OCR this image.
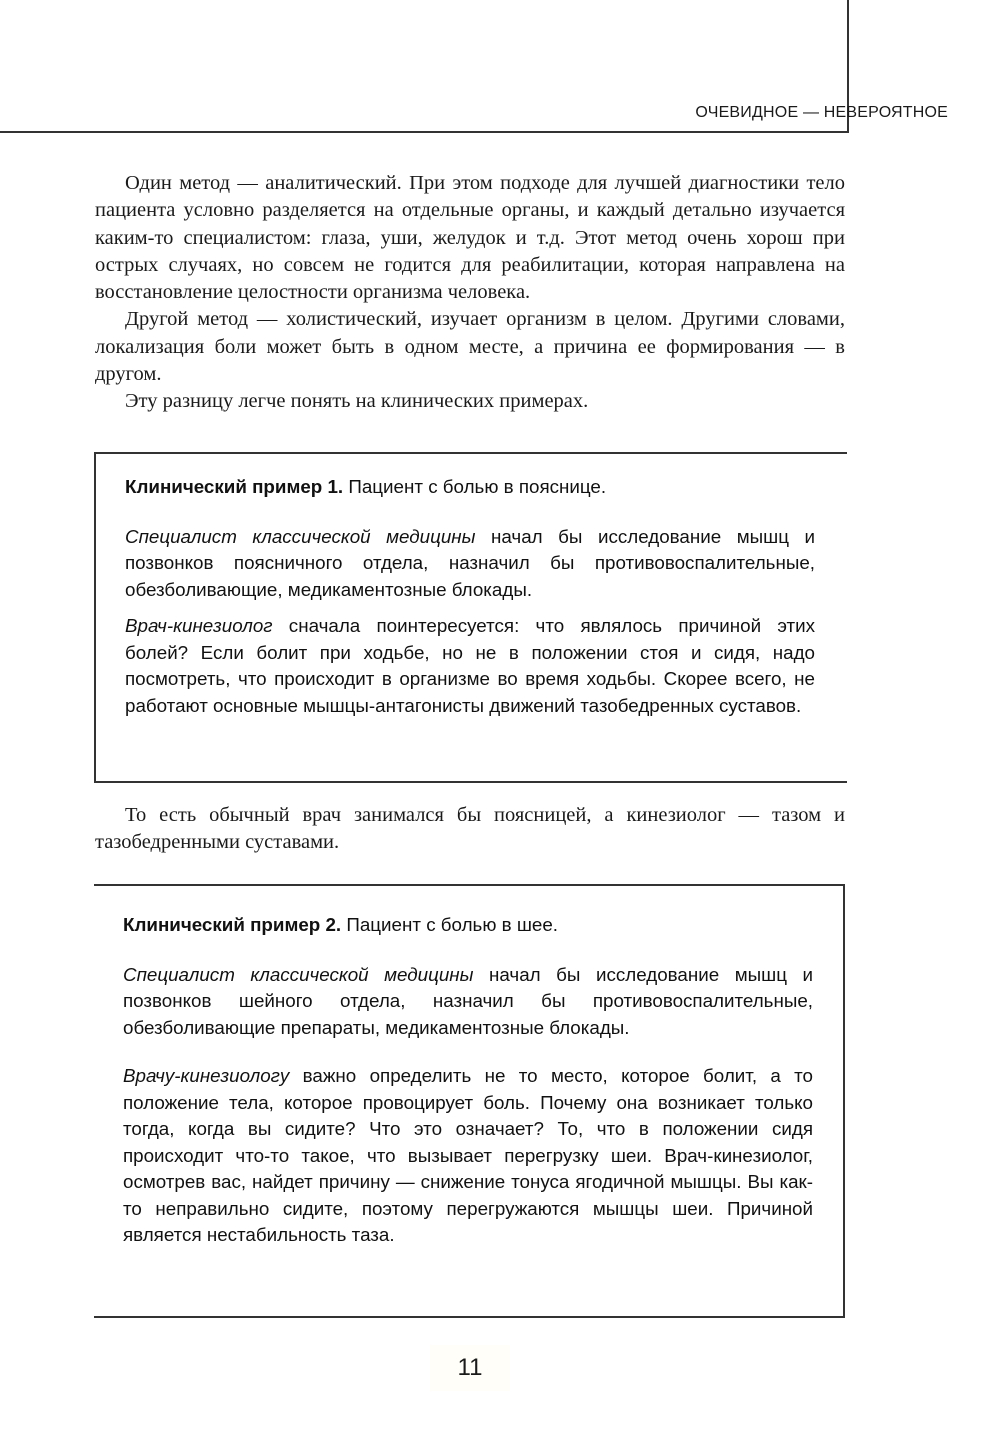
ОЧЕВИДНОЕ — НЕВЕРОЯТНОЕ

Один метод — аналитический. При этом подходе для лучшей диагностики тело пациента условно разделяется на отдельные органы, и каждый детально изучается каким-то специалистом: глаза, уши, желудок и т.д. Этот метод очень хорош при острых случаях, но совсем не годится для реабилитации, которая направлена на восстановление целостности организма человека.

Другой метод — холистический, изучает организм в целом. Другими словами, локализация боли может быть в одном месте, а причина ее формирования — в другом.

Эту разницу легче понять на клинических примерах.

Клинический пример 1. Пациент с болью в пояснице.

Специалист классической медицины начал бы исследование мышц и позвонков поясничного отдела, назначил бы противовоспалительные, обезболивающие, медикаментозные блокады.

Врач-кинезиолог сначала поинтересуется: что являлось причиной этих болей? Если болит при ходьбе, но не в положении стоя и сидя, надо посмотреть, что происходит в организме во время ходьбы. Скорее всего, не работают основные мышцы-антагонисты движений тазобедренных суставов.

То есть обычный врач занимался бы поясницей, а кинезиолог — тазом и тазобедренными суставами.

Клинический пример 2. Пациент с болью в шее.

Специалист классической медицины начал бы исследование мышц и позвонков шейного отдела, назначил бы противовоспалительные, обезболивающие препараты, медикаментозные блокады.

Врачу-кинезиологу важно определить не то место, которое болит, а то положение тела, которое провоцирует боль. Почему она возникает только тогда, когда вы сидите? Что это означает? То, что в положении сидя происходит что-то такое, что вызывает перегрузку шеи. Врач-кинезиолог, осмотрев вас, найдет причину — снижение тонуса ягодичной мышцы. Вы как-то неправильно сидите, поэтому перегружаются мышцы шеи. Причиной является нестабильность таза.

11
